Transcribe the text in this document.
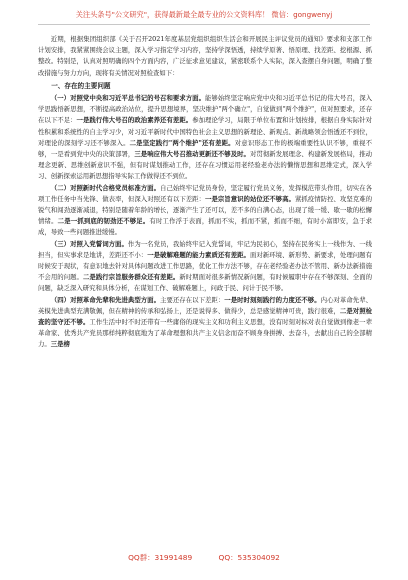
关注头条号"公文研究"，获得最新最全最专业的公文资料库！ 微信：gongwenyj

近期，根据集团组织部《关于召开2021年度基层党组织组织生活会和开展民主评议党员的通知》要求和支部工作计划安排，我紧紧围绕会议主题，深入学习指定学习内容，坚持学深悟透，持续学原著、悟原理、找差距、挖根源、抓整改。特别是，认真对照明确的四个方面内容，广泛征求意见建议，紧密联系个人实际，深入查摆自身问题，明确了整改措施与努力方向，现将有关情况对照检查如下：

一、存在的主要问题

（一）对照党中央和习近平总书记的号召和要求方面。能够始终坚定响应党中央和习近平总书记的伟大号召，深入学思践悟新思想，不断提高政治站位，提升思想境界，坚决维护"两个确立"，自觉做到"两个维护"，但对照要求，还存在以下不足：一是践行伟大号召的政治素养还有差距。参加理论学习，局限于单位布置和计划按排，根据自身实际针对性积累和系统性的自主学习少，对习近平新时代中国特色社会主义思想的新理论、新观点、新战略领会悟透还不到位，对理论的深刻学习还不够深入。二是坚定践行"两个维护"还有差距。对意识形态工作的极端重要性认识不够，重视不够，一是看到党中央的决策部署，三是响应伟大号召推动更新还不够及时。对贯彻新发展理念、构建新发展格局，推动理念更新、思维创新意识不强，但有时谋划推动工作，还存在习惯运用老经验老办法的懒惰思想和思维定式，深入学习、创新探索运用新思想指导实际工作做得还不到位。

（二）对照新时代合格党员标准方面。自己始终牢记党员身份，坚定履行党员义务，发挥模范带头作用，切实在各项工作任务中当先锋、做表率，但深入对照还有以下差距：一是宗旨意识的站位还不够高。紧抓疫情防控、攻坚克难的锐气和闯劲逐渐减退，特别是随着年龄的增长，逐渐产生了还可以，差不多的自满心态，出现了缓一缓、歇一歇的松懈情绪。二是一抓到底的韧劲还不够足。有时工作浮于表面，抓而不实，抓而不紧，抓而不细，有时小富即安，急于求成，导致一些问题推进缓慢。

（三）对照入党誓词方面。作为一名党员，我始终牢记入党誓词，牢记为民初心，坚持在民务实上一线作为、一线担当，但实事求是地讲，差距还不小：一是破解难题的能力素质还有差距。面对新环境、新形势、新要求，处理问题有时候安于现状，有意识地去针对具体问题改进工作思路，优化工作方法不够，存在老经验老办法不管用、新办法新措施不会用的问题。二是践行宗旨服务群众还有差距。新时期面对很多新情况新问题，有时候履职中存在不够深刻、全面的问题，缺乏深入研究和具体分析，在谋划工作、破解难题上，问政于民、问计于民不够。

（四）对照革命先辈和先进典型方面。主要还存在以下差距：一是时时刻刻践行的力度还不够。内心对革命先辈、英模先进典型充满敬佩，但在精神的传承和弘扬上，还是说得多、做得少，总是感觉精神可贵，践行很难，二是对照检查的坚守还不够。工作生活中时不时还带有一些庸俗的现实主义和功利主义思想，没有时刻对标对表自觉做到像老一辈革命家、优秀共产党员那样纯粹彻底地为了革命理想和共产主义信念而奋不顾身身拼搏、去奋斗，去献出自己的全部精力。三是榜

QQ群：31991489	QQ：535304092
